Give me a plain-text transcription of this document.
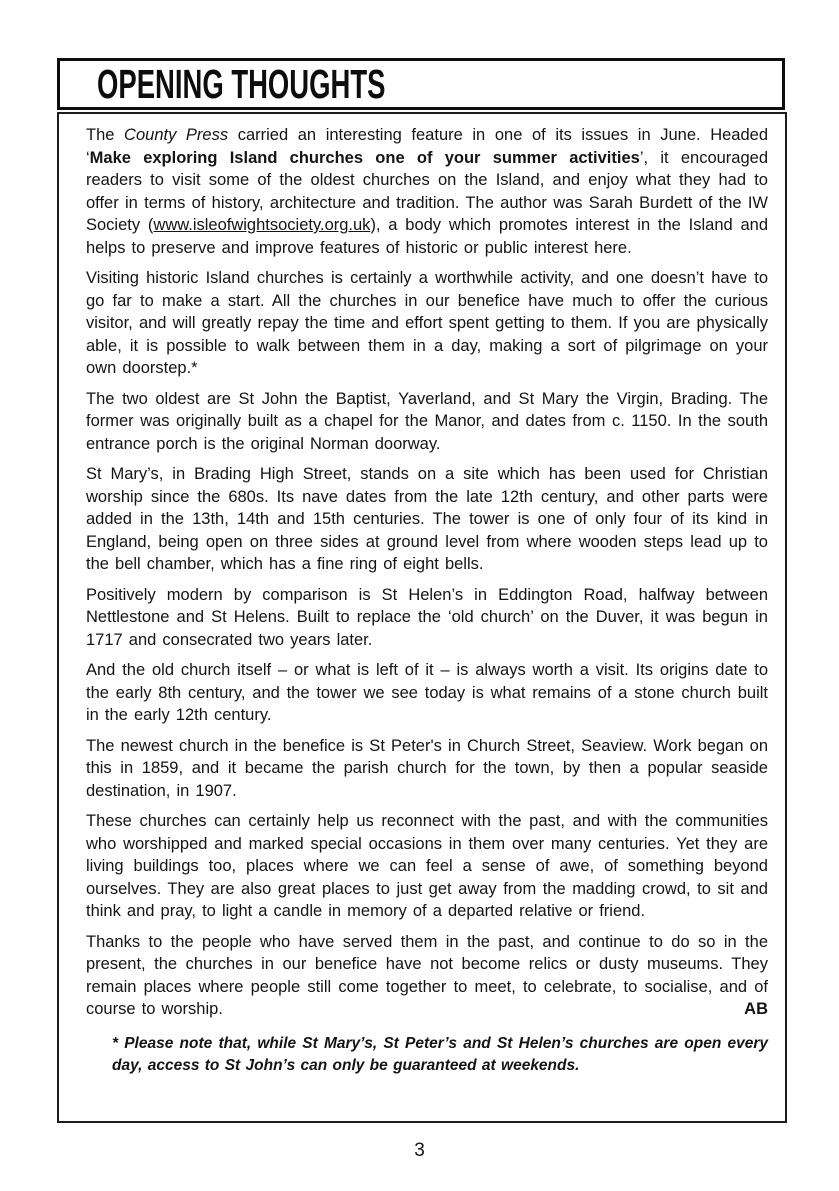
OPENING THOUGHTS

The County Press carried an interesting feature in one of its issues in June. Headed ‘Make exploring Island churches one of your summer activities’, it encouraged readers to visit some of the oldest churches on the Island, and enjoy what they had to offer in terms of history, architecture and tradition. The author was Sarah Burdett of the IW Society (www.isleofwightsociety.org.uk), a body which promotes interest in the Island and helps to preserve and improve features of historic or public interest here.

Visiting historic Island churches is certainly a worthwhile activity, and one doesn’t have to go far to make a start. All the churches in our benefice have much to offer the curious visitor, and will greatly repay the time and effort spent getting to them. If you are physically able, it is possible to walk between them in a day, making a sort of pilgrimage on your own doorstep.*

The two oldest are St John the Baptist, Yaverland, and St Mary the Virgin, Brading. The former was originally built as a chapel for the Manor, and dates from c. 1150. In the south entrance porch is the original Norman doorway.

St Mary’s, in Brading High Street, stands on a site which has been used for Christian worship since the 680s. Its nave dates from the late 12th century, and other parts were added in the 13th, 14th and 15th centuries. The tower is one of only four of its kind in England, being open on three sides at ground level from where wooden steps lead up to the bell chamber, which has a fine ring of eight bells.

Positively modern by comparison is St Helen’s in Eddington Road, halfway between Nettlestone and St Helens. Built to replace the ‘old church’ on the Duver, it was begun in 1717 and consecrated two years later.

And the old church itself – or what is left of it – is always worth a visit. Its origins date to the early 8th century, and the tower we see today is what remains of a stone church built in the early 12th century.

The newest church in the benefice is St Peter's in Church Street, Seaview. Work began on this in 1859, and it became the parish church for the town, by then a popular seaside destination, in 1907.

These churches can certainly help us reconnect with the past, and with the communities who worshipped and marked special occasions in them over many centuries. Yet they are living buildings too, places where we can feel a sense of awe, of something beyond ourselves. They are also great places to just get away from the madding crowd, to sit and think and pray, to light a candle in memory of a departed relative or friend.

Thanks to the people who have served them in the past, and continue to do so in the present, the churches in our benefice have not become relics or dusty museums. They remain places where people still come together to meet, to celebrate, to socialise, and of course to worship.	AB

* Please note that, while St Mary’s, St Peter’s and St Helen’s churches are open every day, access to St John’s can only be guaranteed at weekends.

3
